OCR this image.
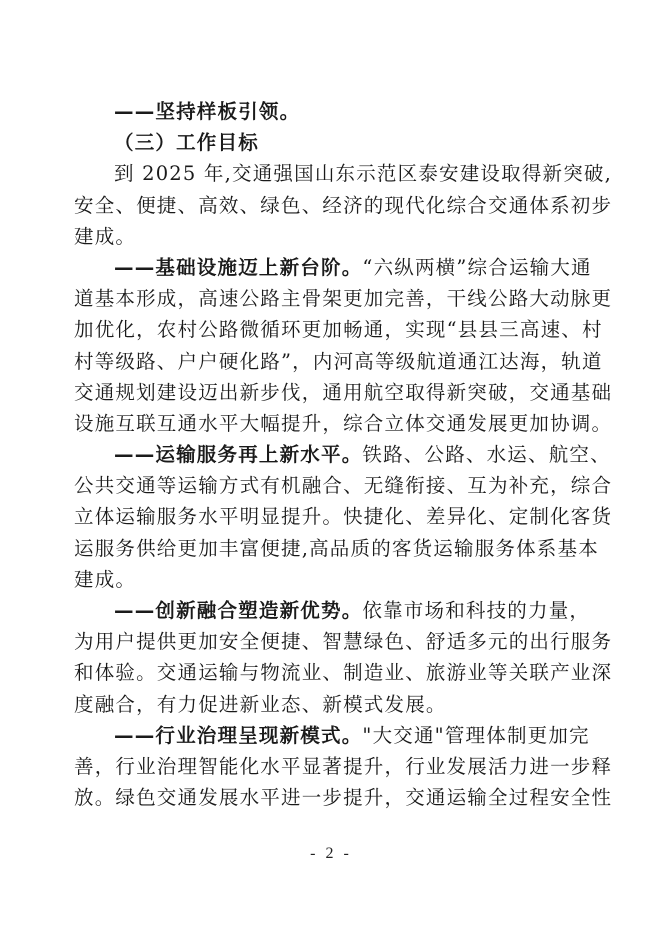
——坚持样板引领。
（三）工作目标
到 2025 年,交通强国山东示范区泰安建设取得新突破,
安全、便捷、高效、绿色、经济的现代化综合交通体系初步
建成。
——基础设施迈上新台阶。“六纵两横”综合运输大通
道基本形成，高速公路主骨架更加完善，干线公路大动脉更
加优化，农村公路微循环更加畅通，实现“县县三高速、村
村等级路、户户硬化路”，内河高等级航道通江达海，轨道
交通规划建设迈出新步伐，通用航空取得新突破，交通基础
设施互联互通水平大幅提升，综合立体交通发展更加协调。
——运输服务再上新水平。铁路、公路、水运、航空、
公共交通等运输方式有机融合、无缝衔接、互为补充，综合
立体运输服务水平明显提升。快捷化、差异化、定制化客货
运服务供给更加丰富便捷,高品质的客货运输服务体系基本
建成。
——创新融合塑造新优势。依靠市场和科技的力量，
为用户提供更加安全便捷、智慧绿色、舒适多元的出行服务
和体验。交通运输与物流业、制造业、旅游业等关联产业深
度融合，有力促进新业态、新模式发展。
——行业治理呈现新模式。"大交通"管理体制更加完
善，行业治理智能化水平显著提升，行业发展活力进一步释
放。绿色交通发展水平进一步提升，交通运输全过程安全性
- 2 -
